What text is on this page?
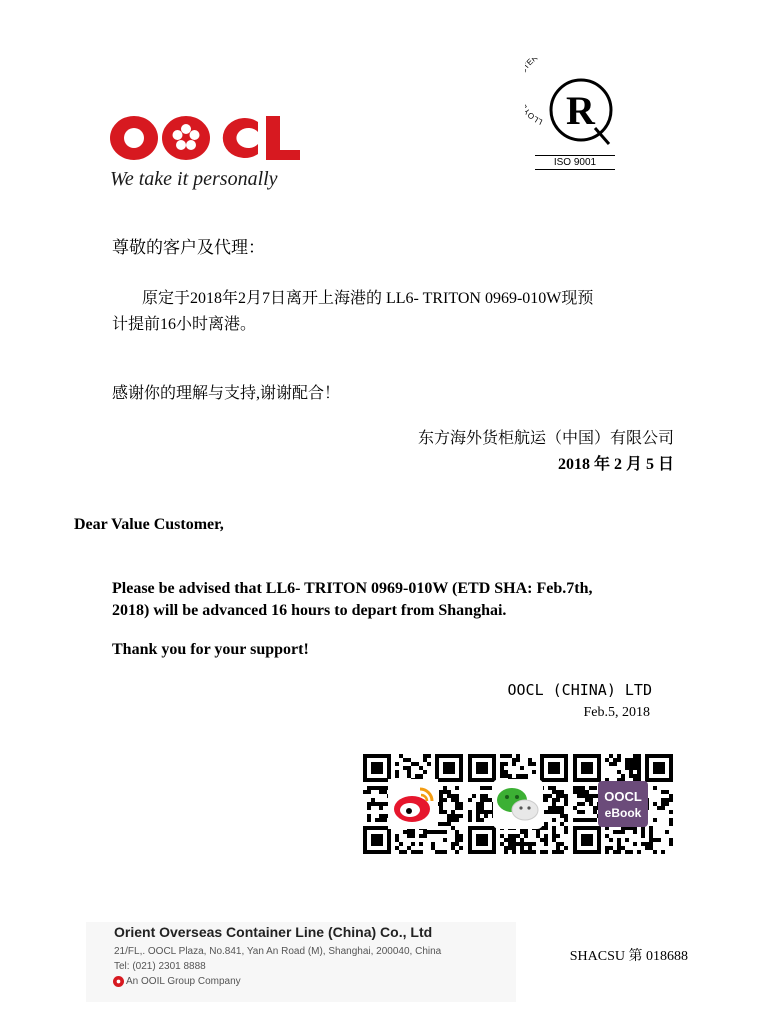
We take it personally
LLO ER
R
ISO 9001
尊敬的客户及代理：
原定于2018年2月7日离开上海港的 LL6- TRITON 0969-010W现预
计提前16小时离港。
感谢你的理解与支持,谢谢配合！
东方海外货柜航运（中国）有限公司
2018 年 2 月 5 日
Dear Value Customer,
Please be advised that LL6- TRITON 0969-010W (ETD SHA: Feb.7th,
2018) will be advanced 16 hours to depart from Shanghai.
Thank you for your support!
OOCL (CHINA) LTD
Feb.5, 2018
OOCL
eBook
Orient Overseas Container Line (China) Co., Ltd
21/FL,. OOCL Plaza, No.841, Yan An Road (M), Shanghai, 200040, China
Tel: (021) 2301 8888
An OOIL Group Company
SHACSU 第 018688
